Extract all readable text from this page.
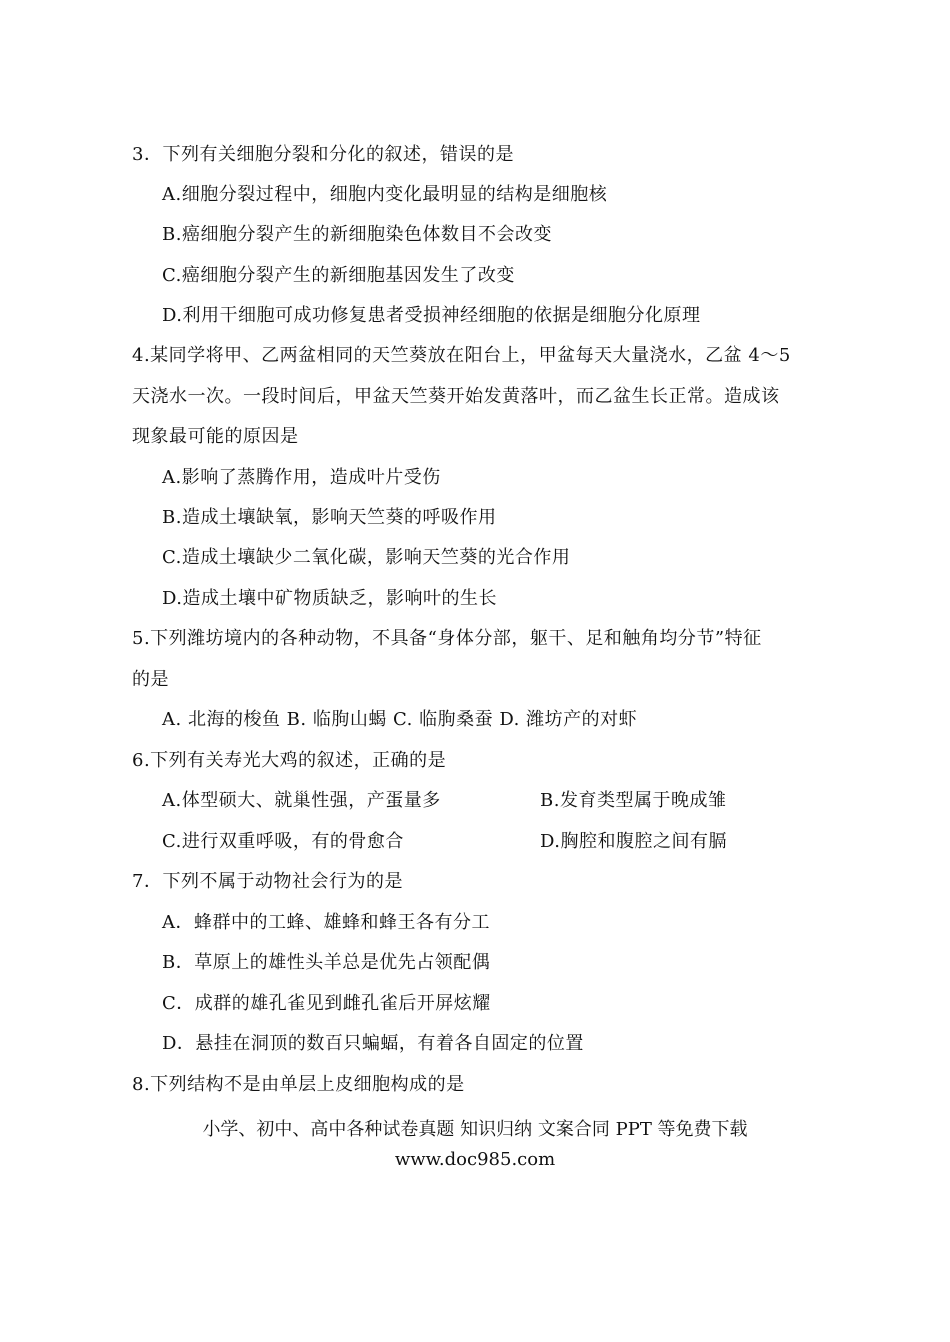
3．下列有关细胞分裂和分化的叙述，错误的是
A.细胞分裂过程中，细胞内变化最明显的结构是细胞核
B.癌细胞分裂产生的新细胞染色体数目不会改变
C.癌细胞分裂产生的新细胞基因发生了改变
D.利用干细胞可成功修复患者受损神经细胞的依据是细胞分化原理
4.某同学将甲、乙两盆相同的天竺葵放在阳台上，甲盆每天大量浇水，乙盆 4～5
天浇水一次。一段时间后，甲盆天竺葵开始发黄落叶，而乙盆生长正常。造成该
现象最可能的原因是
A.影响了蒸腾作用，造成叶片受伤
B.造成土壤缺氧，影响天竺葵的呼吸作用
C.造成土壤缺少二氧化碳，影响天竺葵的光合作用
D.造成土壤中矿物质缺乏，影响叶的生长
5.下列潍坊境内的各种动物，不具备“身体分部，躯干、足和触角均分节”特征
的是
A. 北海的梭鱼 B. 临朐山蝎 C. 临朐桑蚕 D. 潍坊产的对虾
6.下列有关寿光大鸡的叙述，正确的是
A.体型硕大、就巢性强，产蛋量多	B.发育类型属于晚成雏
C.进行双重呼吸，有的骨愈合	D.胸腔和腹腔之间有膈
7．下列不属于动物社会行为的是
A．蜂群中的工蜂、雄蜂和蜂王各有分工
B．草原上的雄性头羊总是优先占领配偶
C．成群的雄孔雀见到雌孔雀后开屏炫耀
D．悬挂在洞顶的数百只蝙蝠，有着各自固定的位置
8.下列结构不是由单层上皮细胞构成的是
小学、初中、高中各种试卷真题 知识归纳 文案合同 PPT 等免费下载
www.doc985.com
